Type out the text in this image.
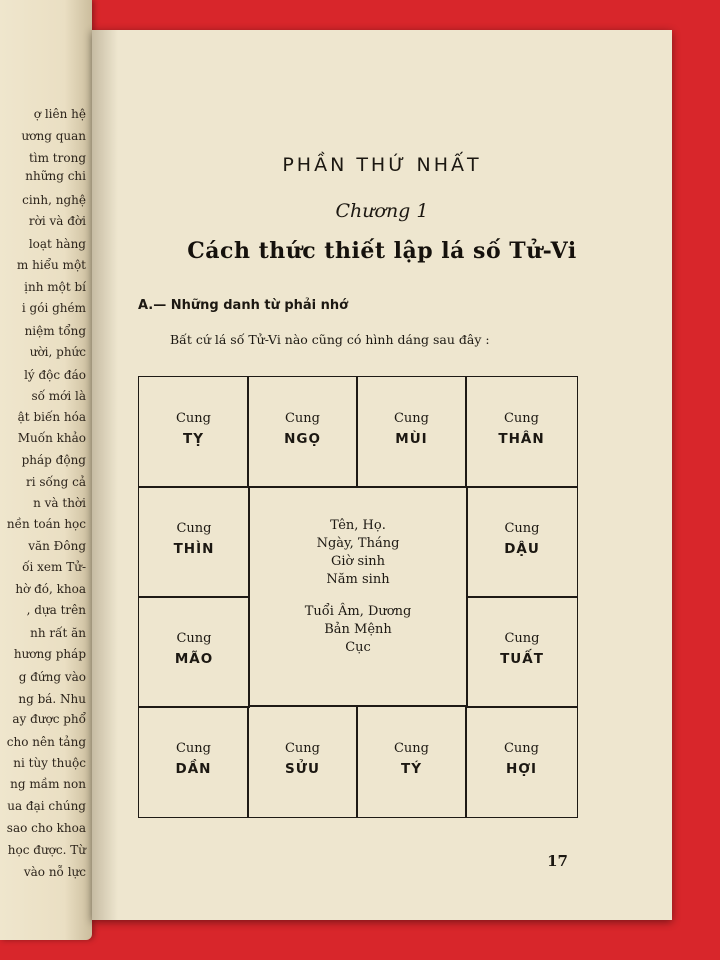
ợ liên hệ
ương quan
tìm trong
những chi
cinh, nghệ
rời và đời
loạt hàng
m hiểu một
ịnh một bí
i gói ghém
niệm tổng
ười, phức
lý độc đáo
số mới là
ật biến hóa
Muốn khảo
pháp động
ri sống cả
n và thời
nền toán học
văn Đông
ối xem Tử-
hờ đó, khoa
, dựa trên
nh rất ăn
hương pháp
g đứng vào
ng bá. Nhu
ay được phổ
cho nên tảng
ni tùy thuộc
ng mầm non
ua đại chúng
sao cho khoa
học được. Từ
vào nỗ lực
PHẦN THỨ NHẤT
Chương 1
Cách thức thiết lập lá số Tử-Vi
A.— Những danh từ phải nhớ
Bất cứ lá số Tử-Vi nào cũng có hình dáng sau đây :
Cung
TỴ
Cung
NGỌ
Cung
MÙI
Cung
THÂN
Cung
THÌN
Cung
DẬU
Cung
MÃO
Cung
TUẤT
Cung
DẦN
Cung
SỬU
Cung
TÝ
Cung
HỢI
Tên, Họ.
Ngày, Tháng
Giờ sinh
Năm sinh
Tuổi Âm, Dương
Bản Mệnh
Cục
17
